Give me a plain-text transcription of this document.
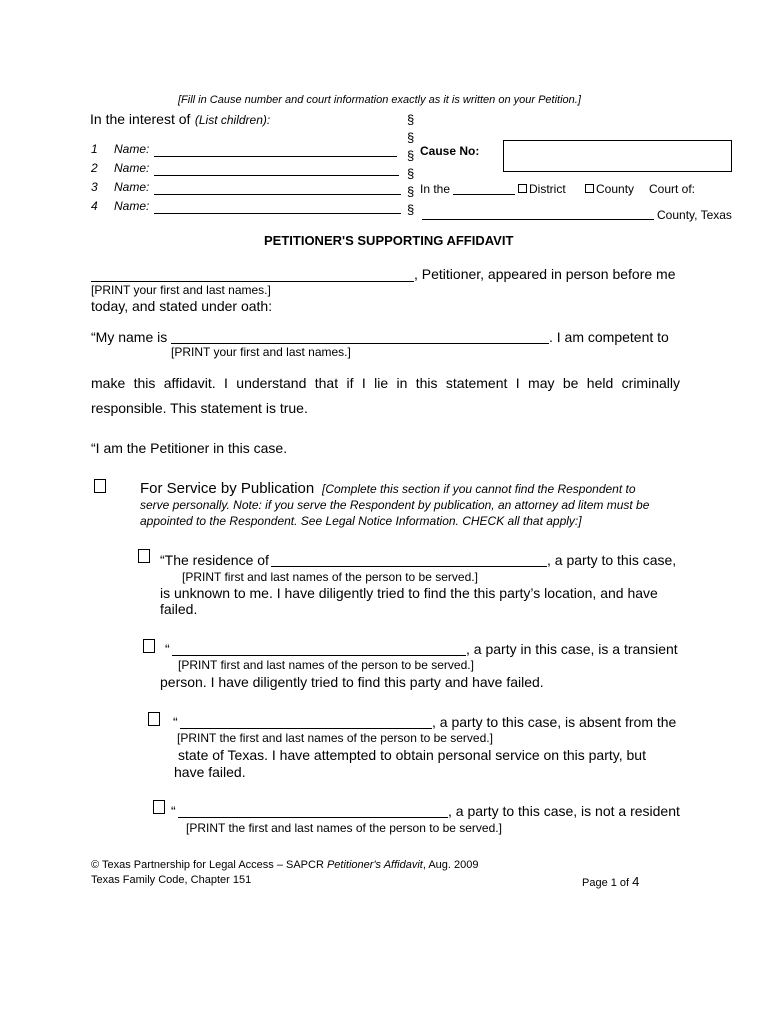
[Fill in Cause number and court information exactly as it is written on your Petition.]
In the interest of (List children):
1 Name:
2 Name:
3 Name:
4 Name:
§
§
§
§
§
§
Cause No:
In the	District	County Court of:
County, Texas
PETITIONER'S SUPPORTING AFFIDAVIT
, Petitioner, appeared in person before me
[PRINT your first and last names.]
today, and stated under oath:
“My name is	. I am competent to
[PRINT your first and last names.]
make this affidavit. I understand that if I lie in this statement I may be held criminally
responsible. This statement is true.
“I am the Petitioner in this case.
For Service by Publication [Complete this section if you cannot find the Respondent to
serve personally. Note: if you serve the Respondent by publication, an attorney ad litem must be
appointed to the Respondent. See Legal Notice Information. CHECK all that apply:]
“The residence of	, a party to this case,
[PRINT first and last names of the person to be served.]
is unknown to me. I have diligently tried to find the this party’s location, and have
failed.
“	, a party in this case, is a transient
[PRINT first and last names of the person to be served.]
person. I have diligently tried to find this party and have failed.
“	, a party to this case, is absent from the
[PRINT the first and last names of the person to be served.]
state of Texas. I have attempted to obtain personal service on this party, but
have failed.
“	, a party to this case, is not a resident
[PRINT the first and last names of the person to be served.]
© Texas Partnership for Legal Access – SAPCR Petitioner's Affidavit, Aug. 2009
Texas Family Code, Chapter 151	Page 1 of 4
